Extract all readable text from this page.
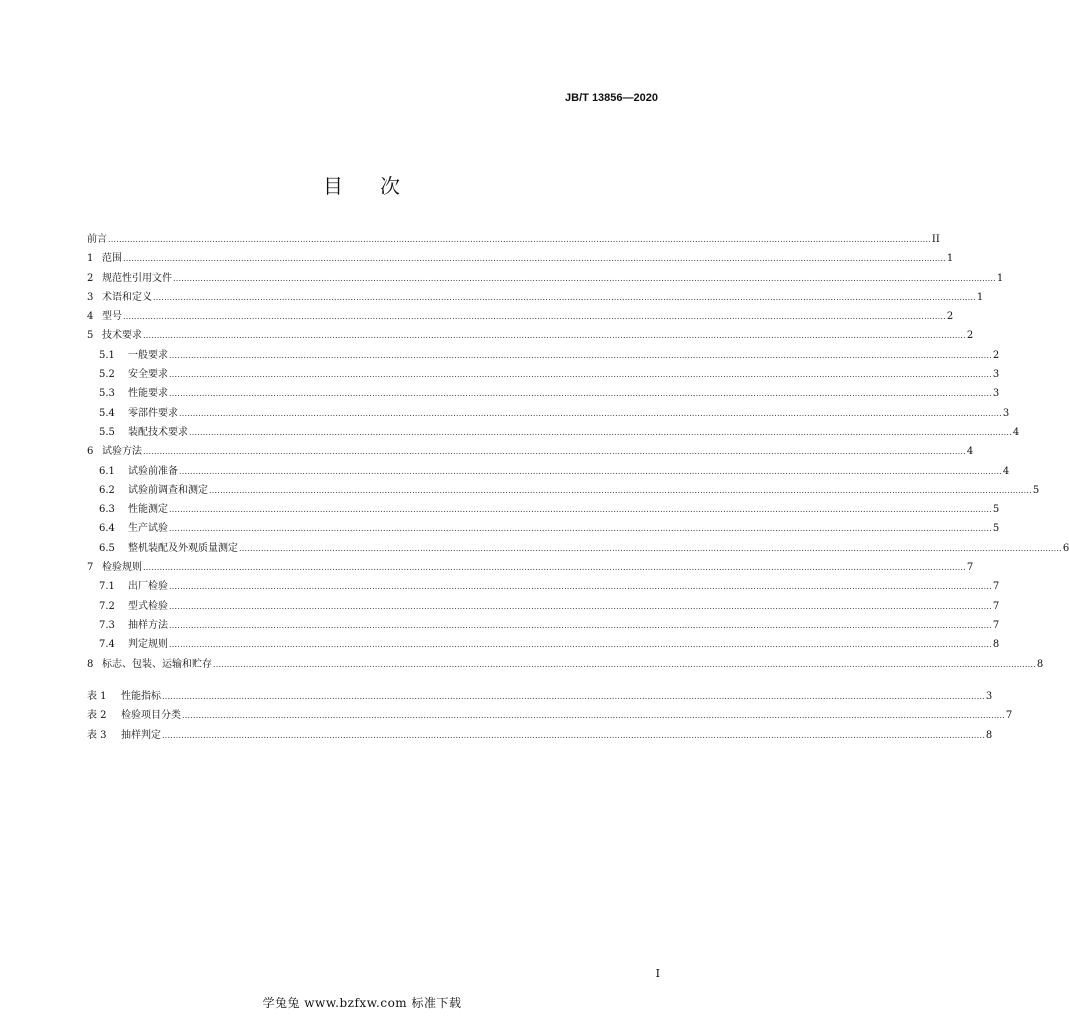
JB/T 13856—2020
目 次
前言 ............................................................................................................................................................................................................................................................................................................ II
1 范围 ............................................................................................................................................................................................................................................................................................................ 1
2 规范性引用文件 ............................................................................................................................................................................................................................................................................................................ 1
3 术语和定义 ............................................................................................................................................................................................................................................................................................................ 1
4 型号 ............................................................................................................................................................................................................................................................................................................ 2
5 技术要求 ............................................................................................................................................................................................................................................................................................................ 2
5.1 一般要求 ............................................................................................................................................................................................................................................................................................................ 2
5.2 安全要求 ............................................................................................................................................................................................................................................................................................................ 3
5.3 性能要求 ............................................................................................................................................................................................................................................................................................................ 3
5.4 零部件要求 ............................................................................................................................................................................................................................................................................................................ 3
5.5 装配技术要求 ............................................................................................................................................................................................................................................................................................................ 4
6 试验方法 ............................................................................................................................................................................................................................................................................................................ 4
6.1 试验前准备 ............................................................................................................................................................................................................................................................................................................ 4
6.2 试验前调查和测定 ............................................................................................................................................................................................................................................................................................................ 5
6.3 性能测定 ............................................................................................................................................................................................................................................................................................................ 5
6.4 生产试验 ............................................................................................................................................................................................................................................................................................................ 5
6.5 整机装配及外观质量测定 ............................................................................................................................................................................................................................................................................................................ 6
7 检验规则 ............................................................................................................................................................................................................................................................................................................ 7
7.1 出厂检验 ............................................................................................................................................................................................................................................................................................................ 7
7.2 型式检验 ............................................................................................................................................................................................................................................................................................................ 7
7.3 抽样方法 ............................................................................................................................................................................................................................................................................................................ 7
7.4 判定规则 ............................................................................................................................................................................................................................................................................................................ 8
8 标志、包装、运输和贮存 ............................................................................................................................................................................................................................................................................................................ 8
表 1 性能指标 ............................................................................................................................................................................................................................................................................................................ 3
表 2 检验项目分类 ............................................................................................................................................................................................................................................................................................................ 7
表 3 抽样判定 ............................................................................................................................................................................................................................................................................................................ 8
I
学兔兔 www.bzfxw.com 标准下载
